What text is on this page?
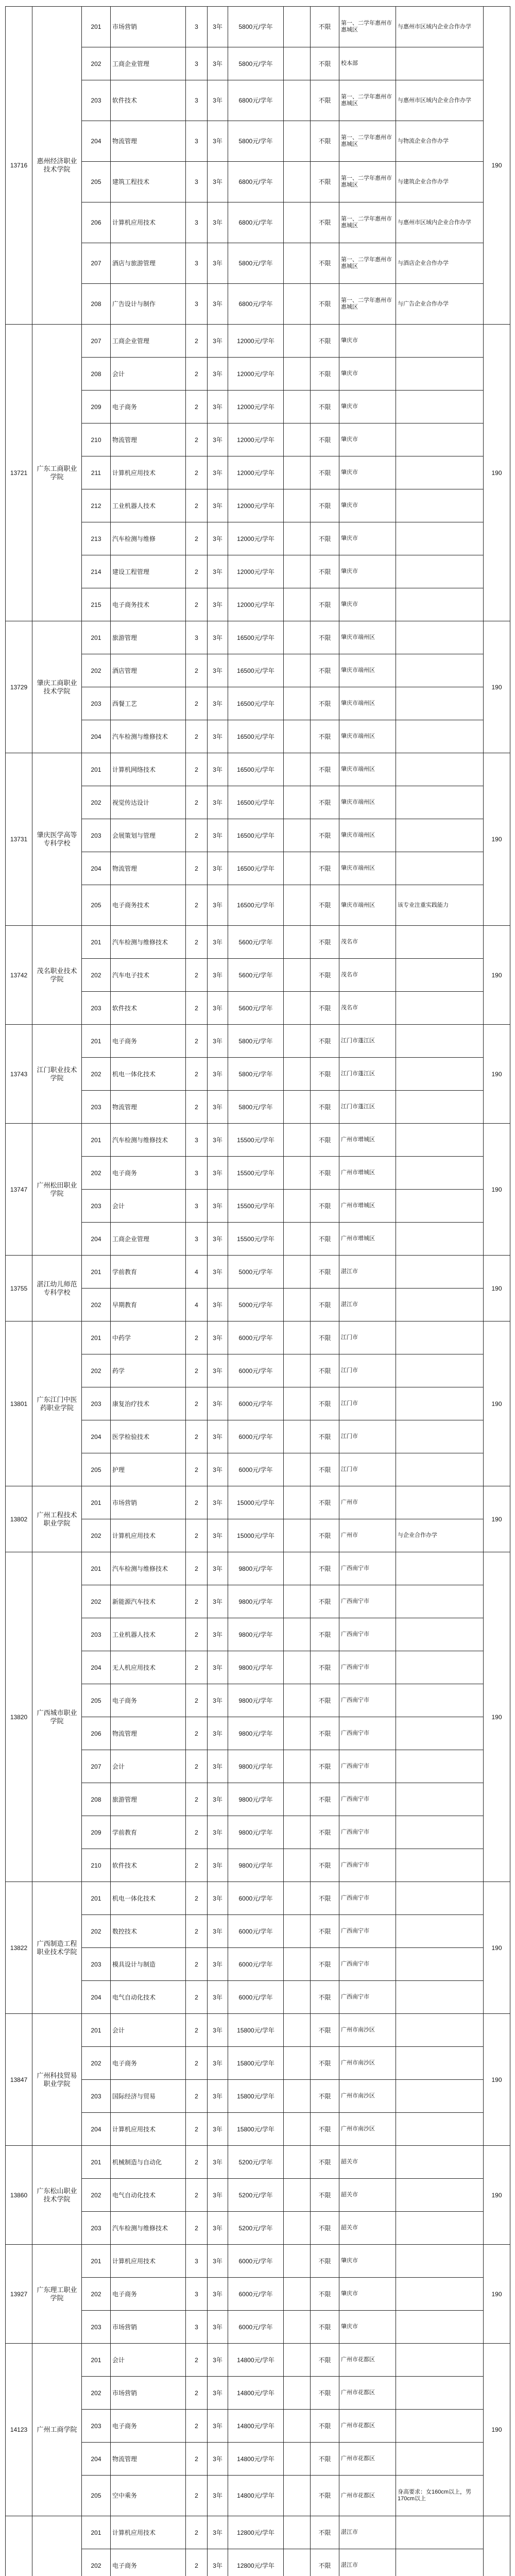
13716	惠州经济职业技术学院	201	市场营销	3	3年	5800元/学年		不限	第一、二学年惠州市惠城区	与惠州市区域内企业合作办学	190
		202	工商企业管理	3	3年	5800元/学年		不限	校本部		
		203	软件技术	3	3年	6800元/学年		不限	第一、二学年惠州市惠城区	与惠州市区域内企业合作办学	
		204	物流管理	3	3年	5800元/学年		不限	第一、二学年惠州市惠城区	与物流企业合作办学	
		205	建筑工程技术	3	3年	6800元/学年		不限	第一、二学年惠州市惠城区	与建筑企业合作办学	
		206	计算机应用技术	3	3年	6800元/学年		不限	第一、二学年惠州市惠城区	与惠州市区域内企业合作办学	
		207	酒店与旅游管理	3	3年	5800元/学年		不限	第一、二学年惠州市惠城区	与酒店企业合作办学	
		208	广告设计与制作	3	3年	6800元/学年		不限	第一、二学年惠州市惠城区	与广告企业合作办学	
13721	广东工商职业学院	207	工商企业管理	2	3年	12000元/学年		不限	肇庆市		190
		208	会计	2	3年	12000元/学年		不限	肇庆市		
		209	电子商务	2	3年	12000元/学年		不限	肇庆市		
		210	物流管理	2	3年	12000元/学年		不限	肇庆市		
		211	计算机应用技术	2	3年	12000元/学年		不限	肇庆市		
		212	工业机器人技术	2	3年	12000元/学年		不限	肇庆市		
		213	汽车检测与维修	2	3年	12000元/学年		不限	肇庆市		
		214	建设工程管理	2	3年	12000元/学年		不限	肇庆市		
		215	电子商务技术	2	3年	12000元/学年		不限	肇庆市		
13729	肇庆工商职业技术学院	201	旅游管理	3	3年	16500元/学年		不限	肇庆市端州区		190
		202	酒店管理	2	3年	16500元/学年		不限	肇庆市端州区		
		203	西餐工艺	2	3年	16500元/学年		不限	肇庆市端州区		
		204	汽车检测与维修技术	2	3年	16500元/学年		不限	肇庆市端州区		
13731	肇庆医学高等专科学校	201	计算机网络技术	2	3年	16500元/学年		不限	肇庆市端州区		190
		202	视觉传达设计	2	3年	16500元/学年		不限	肇庆市端州区		
		203	会展策划与管理	2	3年	16500元/学年		不限	肇庆市端州区		
		204	物流管理	2	3年	16500元/学年		不限	肇庆市端州区		
		205	电子商务技术	2	3年	16500元/学年		不限	肇庆市端州区	该专业注重实践能力	
13742	茂名职业技术学院	201	汽车检测与维修技术	2	3年	5600元/学年		不限	茂名市		190
		202	汽车电子技术	2	3年	5600元/学年		不限	茂名市		
		203	软件技术	2	3年	5600元/学年		不限	茂名市		
13743	江门职业技术学院	201	电子商务	2	3年	5800元/学年		不限	江门市蓬江区		190
		202	机电一体化技术	2	3年	5800元/学年		不限	江门市蓬江区		
		203	物流管理	2	3年	5800元/学年		不限	江门市蓬江区		
13747	广州松田职业学院	201	汽车检测与维修技术	3	3年	15500元/学年		不限	广州市增城区		190
		202	电子商务	3	3年	15500元/学年		不限	广州市增城区		
		203	会计	3	3年	15500元/学年		不限	广州市增城区		
		204	工商企业管理	3	3年	15500元/学年		不限	广州市增城区		
13755	湛江幼儿师范专科学校	201	学前教育	4	3年	5000元/学年		不限	湛江市		190
		202	早期教育	4	3年	5000元/学年		不限	湛江市		
13801	广东江门中医药职业学院	201	中药学	2	3年	6000元/学年		不限	江门市		190
		202	药学	2	3年	6000元/学年		不限	江门市		
		203	康复治疗技术	2	3年	6000元/学年		不限	江门市		
		204	医学检验技术	2	3年	6000元/学年		不限	江门市		
		205	护理	2	3年	6000元/学年		不限	江门市		
13802	广州工程技术职业学院	201	市场营销	2	3年	15000元/学年		不限	广州市		190
		202	计算机应用技术	2	3年	15000元/学年		不限	广州市	与企业合作办学	
13820	广西城市职业学院	201	汽车检测与维修技术	2	3年	9800元/学年		不限	广西南宁市		190
		202	新能源汽车技术	2	3年	9800元/学年		不限	广西南宁市		
		203	工业机器人技术	2	3年	9800元/学年		不限	广西南宁市		
		204	无人机应用技术	2	3年	9800元/学年		不限	广西南宁市		
		205	电子商务	2	3年	9800元/学年		不限	广西南宁市		
		206	物流管理	2	3年	9800元/学年		不限	广西南宁市		
		207	会计	2	3年	9800元/学年		不限	广西南宁市		
		208	旅游管理	2	3年	9800元/学年		不限	广西南宁市		
		209	学前教育	2	3年	9800元/学年		不限	广西南宁市		
		210	软件技术	2	3年	9800元/学年		不限	广西南宁市		
13822	广西制造工程职业技术学院	201	机电一体化技术	2	3年	6000元/学年		不限	广西南宁市		190
		202	数控技术	2	3年	6000元/学年		不限	广西南宁市		
		203	模具设计与制造	2	3年	6000元/学年		不限	广西南宁市		
		204	电气自动化技术	2	3年	6000元/学年		不限	广西南宁市		
13847	广州科技贸易职业学院	201	会计	2	3年	15800元/学年		不限	广州市南沙区		190
		202	电子商务	2	3年	15800元/学年		不限	广州市南沙区		
		203	国际经济与贸易	2	3年	15800元/学年		不限	广州市南沙区		
		204	计算机应用技术	2	3年	15800元/学年		不限	广州市南沙区		
13860	广东松山职业技术学院	201	机械制造与自动化	2	3年	5200元/学年		不限	韶关市		190
		202	电气自动化技术	2	3年	5200元/学年		不限	韶关市		
		203	汽车检测与维修技术	2	3年	5200元/学年		不限	韶关市		
13927	广东理工职业学院	201	计算机应用技术	3	3年	6000元/学年		不限	肇庆市		190
		202	电子商务	3	3年	6000元/学年		不限	肇庆市		
		203	市场营销	3	3年	6000元/学年		不限	肇庆市		
14123	广州工商学院	201	会计	2	3年	14800元/学年		不限	广州市花都区		190
		202	市场营销	2	3年	14800元/学年		不限	广州市花都区		
		203	电子商务	2	3年	14800元/学年		不限	广州市花都区		
		204	物流管理	2	3年	14800元/学年		不限	广州市花都区		
		205	空中乘务	2	3年	14800元/学年		不限	广州市花都区	身高要求：女160cm以上，男170cm以上	
		201	计算机应用技术	2	3年	12800元/学年		不限	湛江市		
		202	电子商务	2	3年	12800元/学年		不限	湛江市		
